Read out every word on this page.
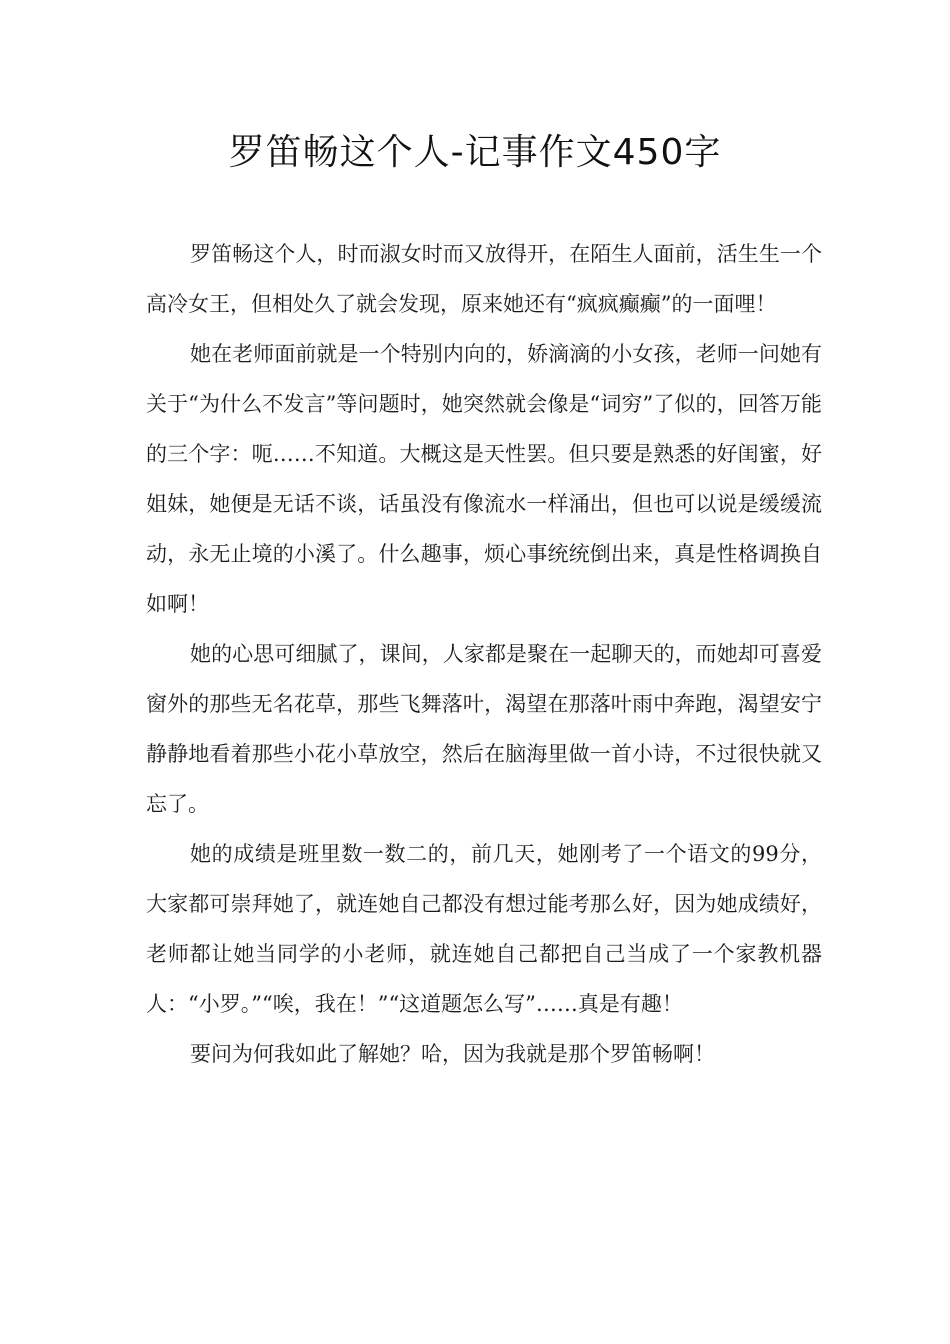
罗笛畅这个人-记事作文450字

罗笛畅这个人，时而淑女时而又放得开，在陌生人面前，活生生一个高冷女王，但相处久了就会发现，原来她还有“疯疯癫癫”的一面哩！

她在老师面前就是一个特别内向的，娇滴滴的小女孩，老师一问她有关于“为什么不发言”等问题时，她突然就会像是“词穷”了似的，回答万能的三个字：呃……不知道。大概这是天性罢。但只要是熟悉的好闺蜜，好姐妹，她便是无话不谈，话虽没有像流水一样涌出，但也可以说是缓缓流动，永无止境的小溪了。什么趣事，烦心事统统倒出来，真是性格调换自如啊！

她的心思可细腻了，课间，人家都是聚在一起聊天的，而她却可喜爱窗外的那些无名花草，那些飞舞落叶，渴望在那落叶雨中奔跑，渴望安宁静静地看着那些小花小草放空，然后在脑海里做一首小诗，不过很快就又忘了。

她的成绩是班里数一数二的，前几天，她刚考了一个语文的99分，大家都可崇拜她了，就连她自己都没有想过能考那么好，因为她成绩好，老师都让她当同学的小老师，就连她自己都把自己当成了一个家教机器人：“小罗。”“唉，我在！”“这道题怎么写”……真是有趣！

要问为何我如此了解她？哈，因为我就是那个罗笛畅啊！
